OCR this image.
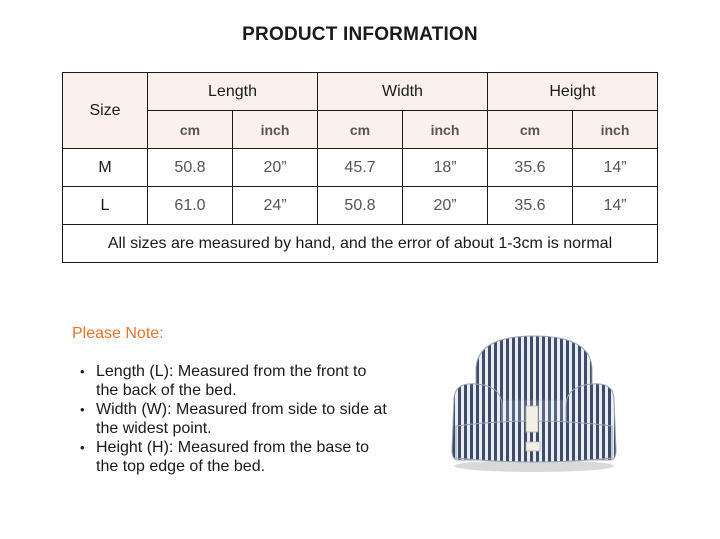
PRODUCT INFORMATION
Size	Length		Width		Height	
	cm	inch	cm	inch	cm	inch
M	50.8	20”	45.7	18”	35.6	14”
L	61.0	24”	50.8	20”	35.6	14”
All sizes are measured by hand, and the error of about 1-3cm is normal						
Please Note:
• Length (L): Measured from the front to the back of the bed.
• Width (W): Measured from side to side at the widest point.
• Height (H): Measured from the base to the top edge of the bed.
